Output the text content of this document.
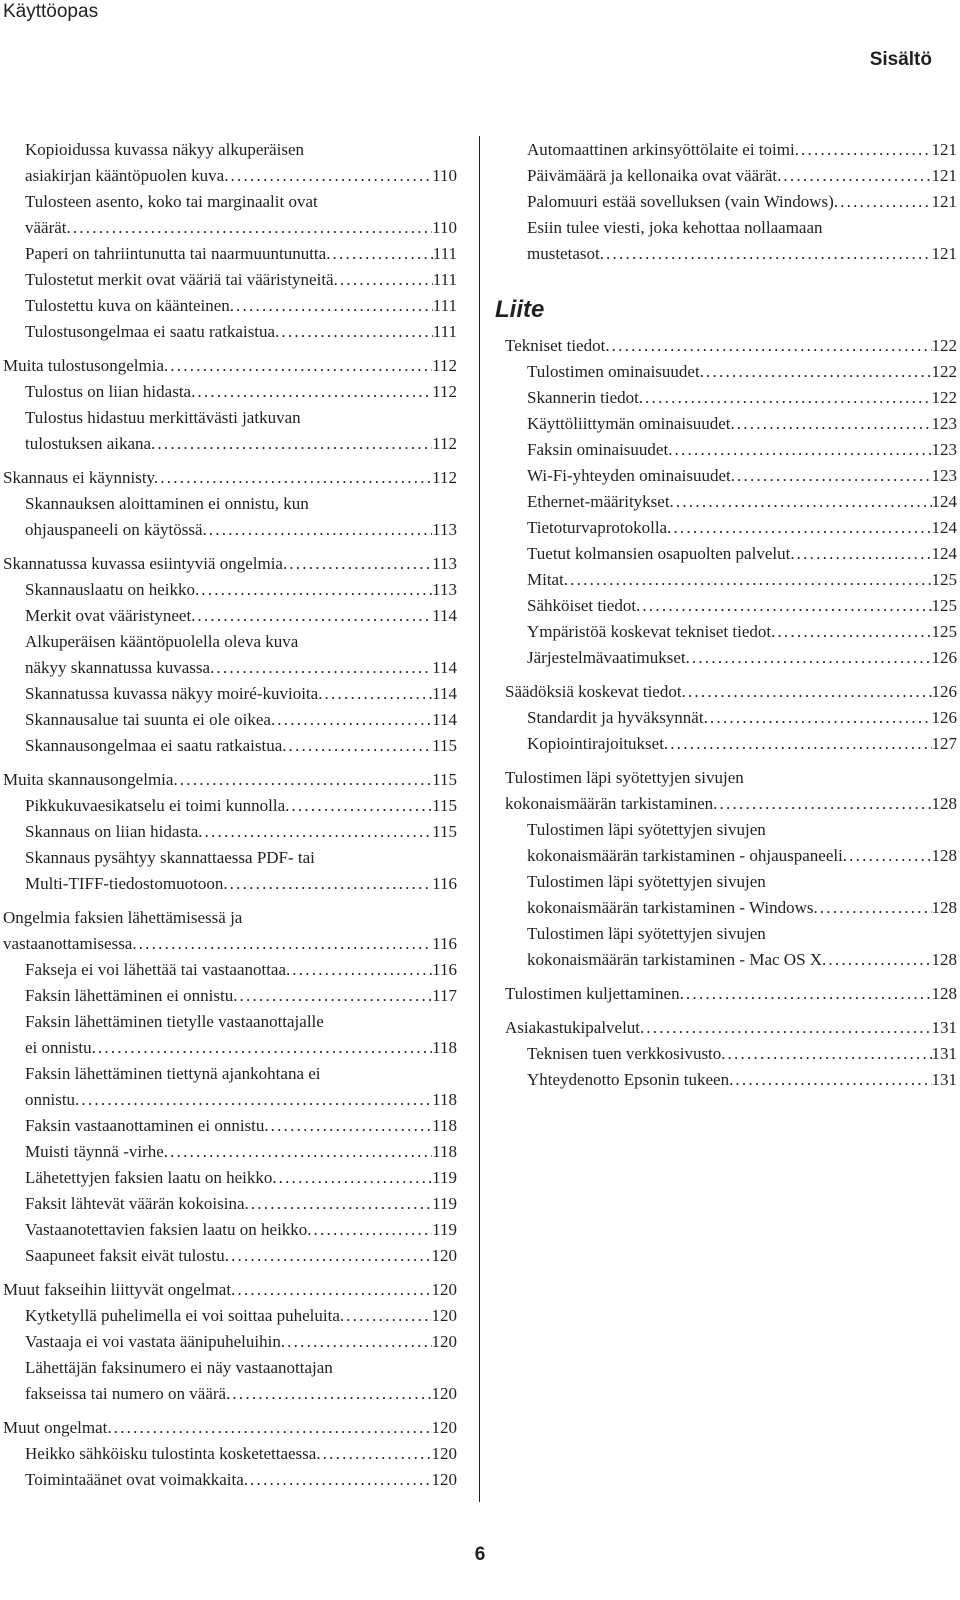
Käyttöopas
Sisältö
Kopioidussa kuvassa näkyy alkuperäisen
asiakirjan kääntöpuolen kuva. . . .	110
Tulosteen asento, koko tai marginaalit ovat
väärät. . . .	110
Paperi on tahriintunutta tai naarmuuntunutta. . . .	111
Tulostetut merkit ovat vääriä tai vääristyneitä. . . .	111
Tulostettu kuva on käänteinen. . . .	111
Tulostusongelmaa ei saatu ratkaistua. . . .	111
Muita tulostusongelmia. . . .	112
Tulostus on liian hidasta. . . .	112
Tulostus hidastuu merkittävästi jatkuvan
tulostuksen aikana. . . .	112
Skannaus ei käynnisty. . . .	112
Skannauksen aloittaminen ei onnistu, kun
ohjauspaneeli on käytössä. . . .	113
Skannatussa kuvassa esiintyviä ongelmia. . . .	113
Skannauslaatu on heikko. . . .	113
Merkit ovat vääristyneet. . . .	114
Alkuperäisen kääntöpuolella oleva kuva
näkyy skannatussa kuvassa. . . .	114
Skannatussa kuvassa näkyy moiré-kuvioita. . . .	114
Skannausalue tai suunta ei ole oikea. . . .	114
Skannausongelmaa ei saatu ratkaistua. . . .	115
Muita skannausongelmia. . . .	115
Pikkukuvaesikatselu ei toimi kunnolla. . . .	115
Skannaus on liian hidasta. . . .	115
Skannaus pysähtyy skannattaessa PDF- tai
Multi-TIFF-tiedostomuotoon. . . .	116
Ongelmia faksien lähettämisessä ja
vastaanottamisessa. . . .	116
Fakseja ei voi lähettää tai vastaanottaa. . . .	116
Faksin lähettäminen ei onnistu. . . .	117
Faksin lähettäminen tietylle vastaanottajalle
ei onnistu. . . .	118
Faksin lähettäminen tiettynä ajankohtana ei
onnistu. . . .	118
Faksin vastaanottaminen ei onnistu. . . .	118
Muisti täynnä -virhe. . . .	118
Lähetettyjen faksien laatu on heikko. . . .	119
Faksit lähtevät väärän kokoisina. . . .	119
Vastaanotettavien faksien laatu on heikko. . . .	119
Saapuneet faksit eivät tulostu. . . .	120
Muut fakseihin liittyvät ongelmat. . . .	120
Kytketyllä puhelimella ei voi soittaa puheluita. . . .	120
Vastaaja ei voi vastata äänipuheluihin. . . .	120
Lähettäjän faksinumero ei näy vastaanottajan
fakseissa tai numero on väärä. . . .	120
Muut ongelmat. . . .	120
Heikko sähköisku tulostinta kosketettaessa. . . .	120
Toimintaäänet ovat voimakkaita. . . .	120
Automaattinen arkinsyöttölaite ei toimi. . . .	121
Päivämäärä ja kellonaika ovat väärät. . . .	121
Palomuuri estää sovelluksen (vain Windows). . . .	121
Esiin tulee viesti, joka kehottaa nollaamaan
mustetasot. . . .	121
Liite
Tekniset tiedot. . . .	122
Tulostimen ominaisuudet. . . .	122
Skannerin tiedot. . . .	122
Käyttöliittymän ominaisuudet. . . .	123
Faksin ominaisuudet. . . .	123
Wi-Fi-yhteyden ominaisuudet. . . .	123
Ethernet-määritykset. . . .	124
Tietoturvaprotokolla. . . .	124
Tuetut kolmansien osapuolten palvelut. . . .	124
Mitat. . . .	125
Sähköiset tiedot. . . .	125
Ympäristöä koskevat tekniset tiedot. . . .	125
Järjestelmävaatimukset. . . .	126
Säädöksiä koskevat tiedot. . . .	126
Standardit ja hyväksynnät. . . .	126
Kopiointirajoitukset. . . .	127
Tulostimen läpi syötettyjen sivujen
kokonaismäärän tarkistaminen. . . .	128
Tulostimen läpi syötettyjen sivujen
kokonaismäärän tarkistaminen - ohjauspaneeli. . . .	128
Tulostimen läpi syötettyjen sivujen
kokonaismäärän tarkistaminen - Windows. . . .	128
Tulostimen läpi syötettyjen sivujen
kokonaismäärän tarkistaminen - Mac OS X. . . .	128
Tulostimen kuljettaminen. . . .	128
Asiakastukipalvelut. . . .	131
Teknisen tuen verkkosivusto. . . .	131
Yhteydenotto Epsonin tukeen. . . .	131
6
